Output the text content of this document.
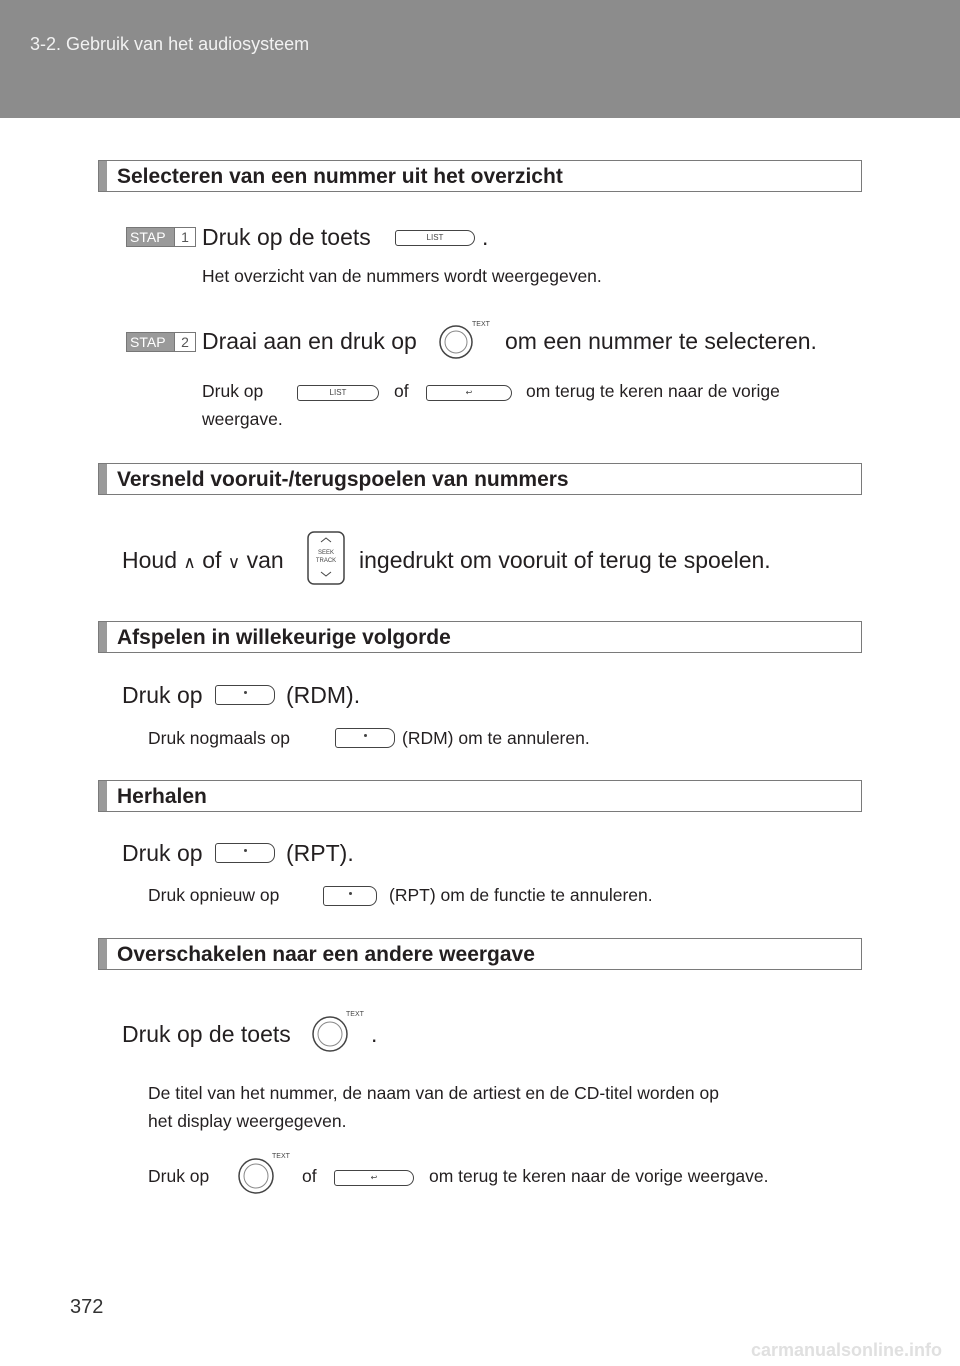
3-2. Gebruik van het audiosysteem
Selecteren van een nummer uit het overzicht
STAP	1 Druk op de toets	LIST	.
Het overzicht van de nummers wordt weergegeven.
STAP	2 Draai aan en druk op
TEXT
om een nummer te selecteren.
Druk op	LIST	of	↩	om terug te keren naar de vorige
weergave.
Versneld vooruit-/terugspoelen van nummers
Houd ∧ of ∨ van	SEEK
TRACK ingedrukt om vooruit of terug te spoelen.
Afspelen in willekeurige volgorde
Druk op	(RDM).
Druk nogmaals op	(RDM) om te annuleren.
Herhalen
Druk op	(RPT).
Druk opnieuw op	(RPT) om de functie te annuleren.
Overschakelen naar een andere weergave
Druk op de toets
TEXT
.
De titel van het nummer, de naam van de artiest en de CD-titel worden op
het display weergegeven.
Druk op
TEXT
of	↩	om terug te keren naar de vorige weergave.
372
carmanualsonline.info
